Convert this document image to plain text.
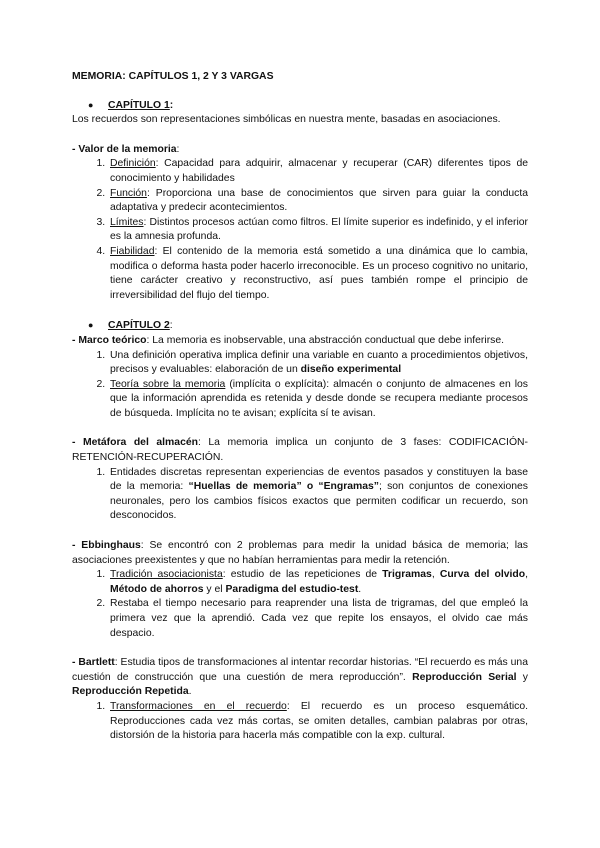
MEMORIA: CAPÍTULOS 1, 2 Y 3 VARGAS

●	CAPÍTULO 1 :

Los recuerdos son representaciones simbólicas en nuestra mente, basadas en asociaciones.

- Valor de la memoria:

1. Definición: Capacidad para adquirir, almacenar y recuperar (CAR) diferentes tipos de conocimiento y habilidades
2. Función: Proporciona una base de conocimientos que sirven para guiar la conducta adaptativa y predecir acontecimientos.
3. Límites: Distintos procesos actúan como filtros. El límite superior es indefinido, y el inferior es la amnesia profunda.
4. Fiabilidad: El contenido de la memoria está sometido a una dinámica que lo cambia, modifica o deforma hasta poder hacerlo irreconocible. Es un proceso cognitivo no unitario, tiene carácter creativo y reconstructivo, así pues también rompe el principio de irreversibilidad del flujo del tiempo.
●	CAPÍTULO 2 :

- Marco teórico: La memoria es inobservable, una abstracción conductual que debe inferirse.

1. Una definición operativa implica definir una variable en cuanto a procedimientos objetivos, precisos y evaluables: elaboración de un diseño experimental
2. Teoría sobre la memoria (implícita o explícita): almacén o conjunto de almacenes en los que la información aprendida es retenida y desde donde se recupera mediante procesos de búsqueda. Implícita no te avisan; explícita sí te avisan.

- Metáfora del almacén: La memoria implica un conjunto de 3 fases: CODIFICACIÓN-RETENCIÓN-RECUPERACIÓN.

1. Entidades discretas representan experiencias de eventos pasados y constituyen la base de la memoria: “Huellas de memoria” o “Engramas”; son conjuntos de conexiones neuronales, pero los cambios físicos exactos que permiten codificar un recuerdo, son desconocidos.

- Ebbinghaus: Se encontró con 2 problemas para medir la unidad básica de memoria; las asociaciones preexistentes y que no habían herramientas para medir la retención.

1. Tradición asociacionista: estudio de las repeticiones de Trigramas, Curva del olvido, Método de ahorros y el Paradigma del estudio-test.
2. Restaba el tiempo necesario para reaprender una lista de trigramas, del que empleó la primera vez que la aprendió. Cada vez que repite los ensayos, el olvido cae más despacio.

- Bartlett: Estudia tipos de transformaciones al intentar recordar historias. “El recuerdo es más una cuestión de construcción que una cuestión de mera reproducción”. Reproducción Serial y Reproducción Repetida.

1. Transformaciones en el recuerdo: El recuerdo es un proceso esquemático. Reproducciones cada vez más cortas, se omiten detalles, cambian palabras por otras, distorsión de la historia para hacerla más compatible con la exp. cultural.
